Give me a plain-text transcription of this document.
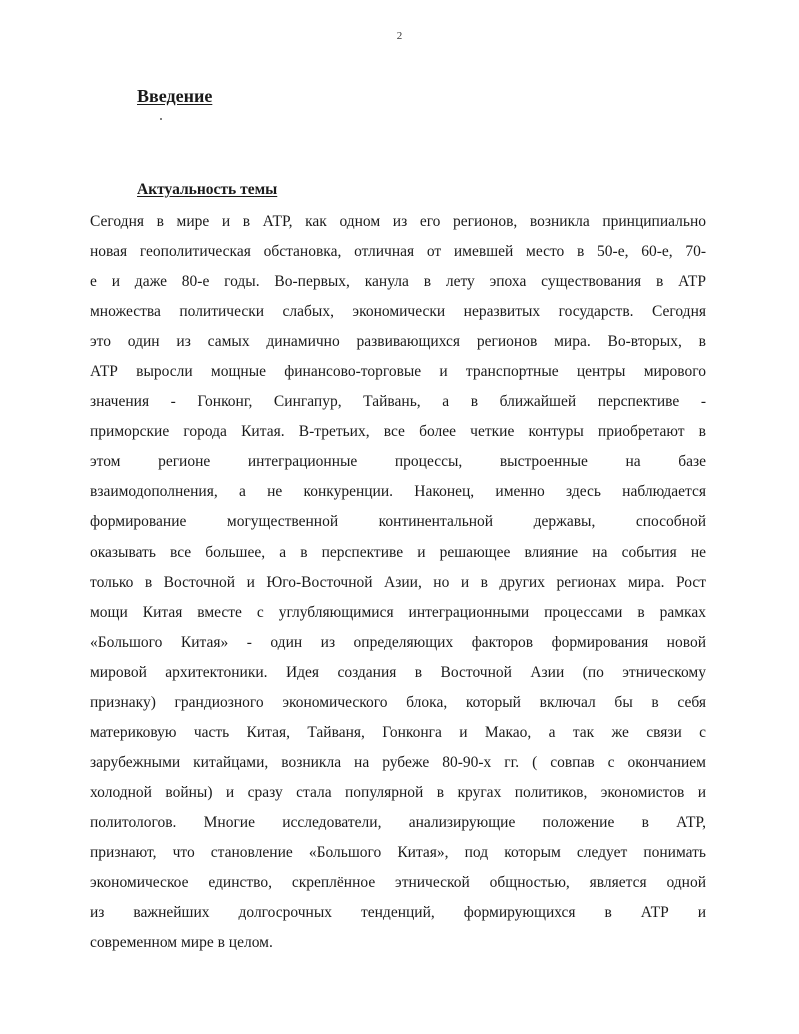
2
Введение
Актуальность темы
Сегодня в мире и в АТР, как одном из его регионов, возникла принципиально
новая геополитическая обстановка, отличная от имевшей место в 50-е, 60-е, 70-
е и даже 80-е годы. Во-первых, канула в лету эпоха существования в АТР
множества политически слабых, экономически неразвитых государств. Сегодня
это один из самых динамично развивающихся регионов мира. Во-вторых, в
АТР выросли мощные финансово-торговые и транспортные центры мирового
значения - Гонконг, Сингапур, Тайвань, а в ближайшей перспективе -
приморские города Китая. В-третьих, все более четкие контуры приобретают в
этом регионе интеграционные процессы, выстроенные на базе
взаимодополнения, а не конкуренции. Наконец, именно здесь наблюдается
формирование могущественной континентальной державы, способной
оказывать все большее, а в перспективе и решающее влияние на события не
только в Восточной и Юго-Восточной Азии, но и в других регионах мира. Рост
мощи Китая вместе с углубляющимися интеграционными процессами в рамках
«Большого Китая» - один из определяющих факторов формирования новой
мировой архитектоники. Идея создания в Восточной Азии (по этническому
признаку) грандиозного экономического блока, который включал бы в себя
материковую часть Китая, Тайваня, Гонконга и Макао, а так же связи с
зарубежными китайцами, возникла на рубеже 80-90-х гг. ( совпав с окончанием
холодной войны) и сразу стала популярной в кругах политиков, экономистов и
политологов. Многие исследователи, анализирующие положение в АТР,
признают, что становление «Большого Китая», под которым следует понимать
экономическое единство, скреплённое этнической общностью, является одной
из важнейших долгосрочных тенденций, формирующихся в АТР и
современном мире в целом.
